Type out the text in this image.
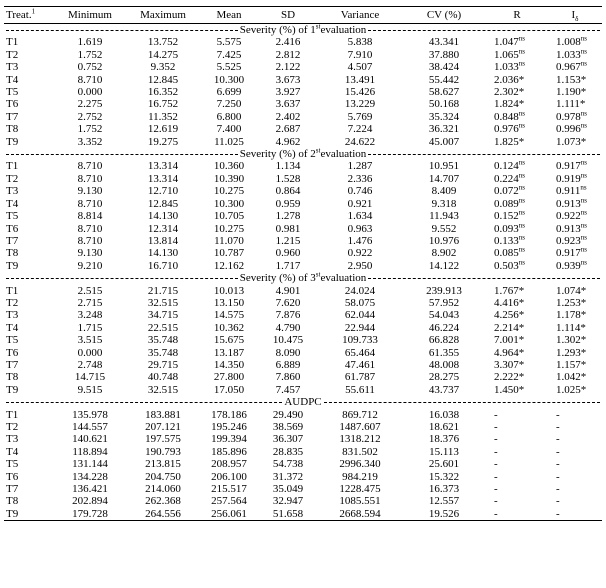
Treat.$^1$	Minimum	Maximum	Mean	SD	Variance	CV (%)	R	$I_\delta$

Severity (%) of 1stevaluation								

T1	1.619	13.752	5.575	2.416	5.838	43.341	$1.047^{ns}$	$1.008^{ns}$
T2	1.752	14.275	7.425	2.812	7.910	37.880	$1.065^{ns}$	$1.033^{ns}$
T3	0.752	9.352	5.525	2.122	4.507	38.424	$1.033^{ns}$	$0.967^{ns}$
T4	8.710	12.845	10.300	3.673	13.491	55.442	2.036*	1.153*
T5	0.000	16.352	6.699	3.927	15.426	58.627	2.302*	1.190*
T6	2.275	16.752	7.250	3.637	13.229	50.168	1.824*	1.111*
T7	2.752	11.352	6.800	2.402	5.769	35.324	$0.848^{ns}$	$0.978^{ns}$
T8	1.752	12.619	7.400	2.687	7.224	36.321	$0.976^{ns}$	$0.996^{ns}$
T9	3.352	19.275	11.025	4.962	24.622	45.007	1.825*	1.073*

Severity (%) of 2stevaluation								

T1	8.710	13.314	10.360	1.134	1.287	10.951	$0.124^{ns}$	$0.917^{ns}$
T2	8.710	13.314	10.390	1.528	2.336	14.707	$0.224^{ns}$	$0.919^{ns}$
T3	9.130	12.710	10.275	0.864	0.746	8.409	$0.072^{ns}$	$0.911^{ns}$
T4	8.710	12.845	10.300	0.959	0.921	9.318	$0.089^{ns}$	$0.913^{ns}$
T5	8.814	14.130	10.705	1.278	1.634	11.943	$0.152^{ns}$	$0.922^{ns}$
T6	8.710	12.314	10.275	0.981	0.963	9.552	$0.093^{ns}$	$0.913^{ns}$
T7	8.710	13.814	11.070	1.215	1.476	10.976	$0.133^{ns}$	$0.923^{ns}$
T8	9.130	14.130	10.787	0.960	0.922	8.902	$0.085^{ns}$	$0.917^{ns}$
T9	9.210	16.710	12.162	1.717	2.950	14.122	$0.503^{ns}$	$0.939^{ns}$

Severity (%) of 3stevaluation								

T1	2.515	21.715	10.013	4.901	24.024	239.913	1.767*	1.074*
T2	2.715	32.515	13.150	7.620	58.075	57.952	4.416*	1.253*
T3	3.248	34.715	14.575	7.876	62.044	54.043	4.256*	1.178*
T4	1.715	22.515	10.362	4.790	22.944	46.224	2.214*	1.114*
T5	3.515	35.748	15.675	10.475	109.733	66.828	7.001*	1.302*
T6	0.000	35.748	13.187	8.090	65.464	61.355	4.964*	1.293*
T7	2.748	29.715	14.350	6.889	47.461	48.008	3.307*	1.157*
T8	14.715	40.748	27.800	7.860	61.787	28.275	2.222*	1.042*
T9	9.515	32.515	17.050	7.457	55.611	43.737	1.450*	1.025*

AUDPC								

T1	135.978	183.881	178.186	29.490	869.712	16.038	-	-
T2	144.557	207.121	195.246	38.569	1487.607	18.621	-	-
T3	140.621	197.575	199.394	36.307	1318.212	18.376	-	-
T4	118.894	190.793	185.896	28.835	831.502	15.113	-	-
T5	131.144	213.815	208.957	54.738	2996.340	25.601	-	-
T6	134.228	204.750	206.100	31.372	984.219	15.322	-	-
T7	136.421	214.060	215.517	35.049	1228.475	16.373	-	-
T8	202.894	262.368	257.564	32.947	1085.551	12.557	-	-
T9	179.728	264.556	256.061	51.658	2668.594	19.526	-	-
